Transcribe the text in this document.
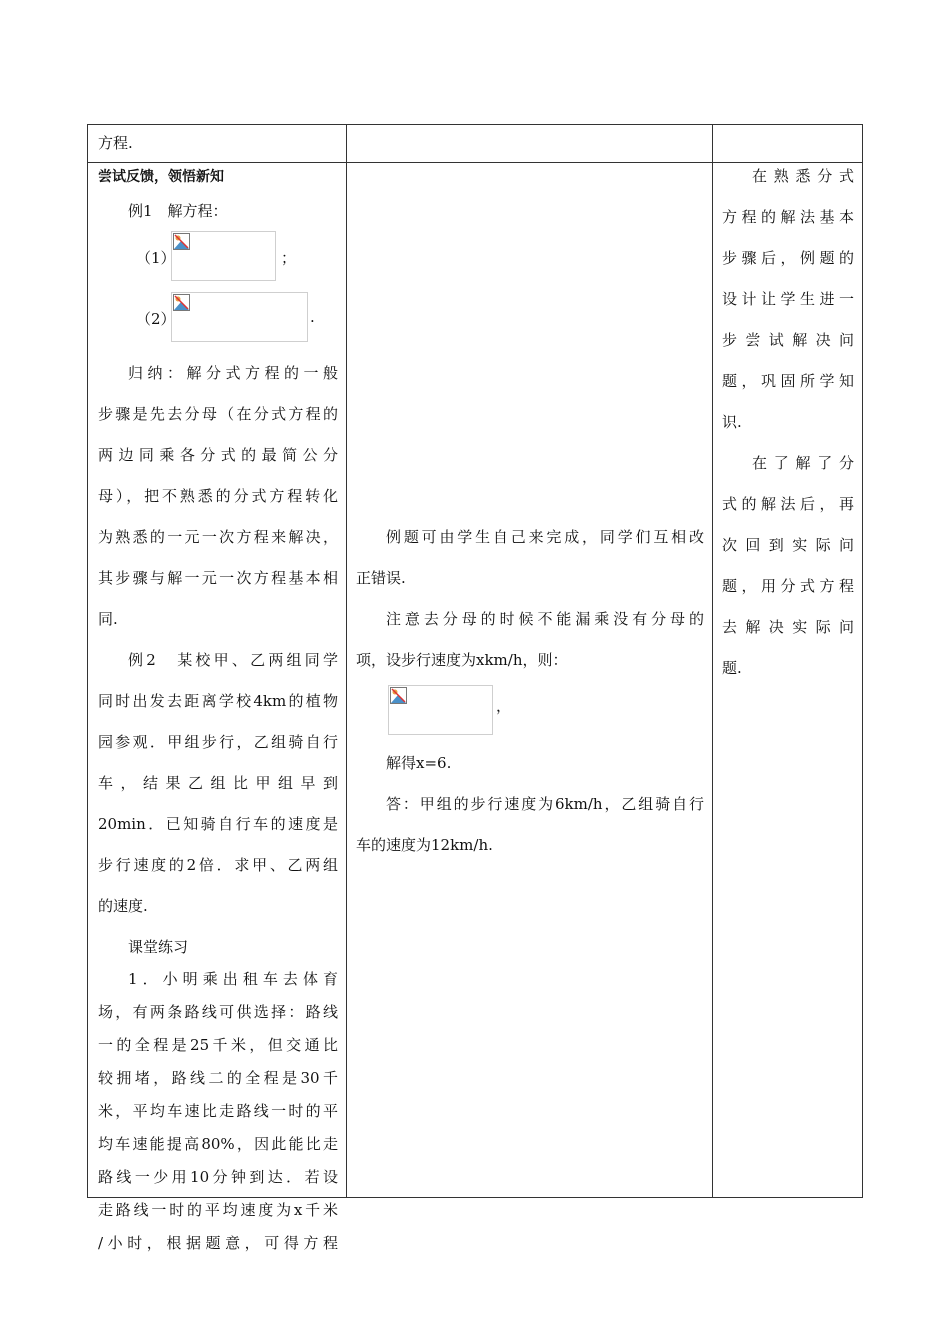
方程.
尝试反馈，领悟新知
例1　解方程：
（1）	；
（2）	.
归纳：解分式方程的一般
步骤是先去分母（在分式方程的
两边同乘各分式的最简公分
母），把不熟悉的分式方程转化
为熟悉的一元一次方程来解决，
其步骤与解一元一次方程基本相
同.
例2　某校甲、乙两组同学
同时出发去距离学校4km的植物
园参观．甲组步行，乙组骑自行
车，结果乙组比甲组早到
20min．已知骑自行车的速度是
步行速度的2倍．求甲、乙两组
的速度.
课堂练习
1．小明乘出租车去体育
场，有两条路线可供选择：路线
一的全程是25千米，但交通比
较拥堵，路线二的全程是30千
米，平均车速比走路线一时的平
均车速能提高80%，因此能比走
路线一少用10分钟到达．若设
走路线一时的平均速度为x千米
/小时，根据题意，可得方程
例题可由学生自己来完成，同学们互相改
正错误.
注意去分母的时候不能漏乘没有分母的
项，设步行速度为xkm/h，则：
，
解得x=6.
答：甲组的步行速度为6km/h，乙组骑自行
车的速度为12km/h.
在熟悉分式
方程的解法基本
步骤后，例题的
设计让学生进一
步尝试解决问
题，巩固所学知
识.
在了解了分
式的解法后，再
次回到实际问
题，用分式方程
去解决实际问
题.
